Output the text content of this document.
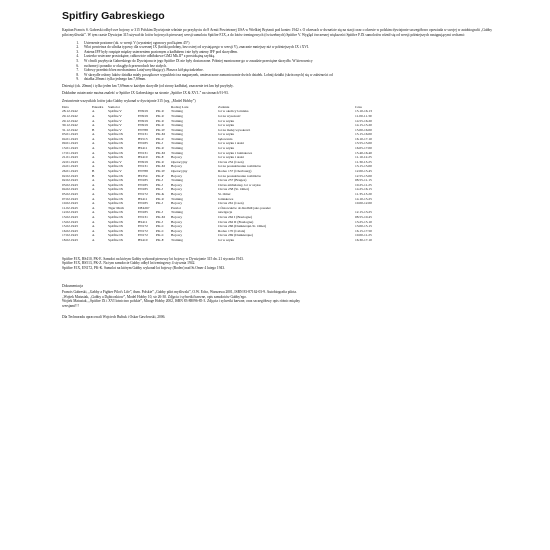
Spitfiry Gabreskiego

Kapitan Francis S. Gabreski odbył swe bojowy w 315 Polskim Dywizjonie właśnie po przybyciu do 8 Armii Powietrznej USA w Wielkiej Brytanii pod koniec 1942 r. O okresach w dwnaście się na stacji oraz o okresie w polskim dywizjonie szczegółowo opowiada w swojej w autobiografii „Gabby pilot myśliwski”. W tym czasie Dywizjon 315 używał do lotów bojowych pierwszej wersji samolotu Spitfire F.IX, a do lotów treningowych (ćwiczebnych) Spitfire V. Wygląd ówczesnej większości Spitfire F.IX samolotów różnił się od wersji późniejszych następującymi cechami:

1. Usterzenie poziome (ok. w wersji V (wyrażniej ogonowy pod kątem 45°)
2. Wlot powietrza do silnika typowy dla wczesnej IX (krótki podobny, bez ostrej od wystającego w wersji V), znacznie mniejszy niż w późniejszych IX i XVI.
3. Antena IFF były rozpięte między usterzeniem poziomym a kadłubem i nie były anteny IFF pod skrzydłem.
4. Lusterko wsteczne prostokątne, całkowicie odbiłakowe GM2 Mk.II* z prostokątną szybką.
5. W chwili przybycia Gabreskiego do Dywizjonu te jego Spitfire IX nie były dostarczone. Później montowane go w zasadzie przeciętne skrzydło. W kierownicy
6. ruchomej i ponadto w okrągłych przewodach bez stałych.
7. Gołowy przednich bez mechanizmu Lotz(weryfikujący). Płaszcz kół pięciodzielne.
8. W skrzydle osłony luków działka miały początkowe wypukłości na magazynek, umieszczone zamontowanie dwóch działek. Lobnij działki (skróconych) się w zależności od
9. działka 20mm i tylko jednego km 7,69mm.

Dziesięć (ok. 20mm) i tylko jeden km 7,69mm w każdym skrzydle (od strony kadłuba), znaczenie też km był przybyły.

Dokładne ostatecznie można znaleźć w Spitfire IX Gabreskiego na stronie „Spitfire IX & XVI..” na stronach 91-93.

Zestawienie wszystkich lotów jako Gabby wykonał w dywizjonie 315 (wg. „Model Hobby”)

Data	Eskadra	Samolot			Rodzaj Lotu	Zadanie	Czas
28.12.1942	A	Spitfire V	EN919	PK-U	Training	lot w okolicy lotniska	15.10-16.13
29.12.1942	A	Spitfire V	EN919	PK-U	Training	lot na wysokość	11.00-11.30
29.12.1942	A	Spitfire V	EN919	PK-U	Training	lot w szyku	14.55-16.20
30.12.1942	A	Spitfire V	EN919	PK-U	Training	lot w szyku	14.15-15.20
31.12.1942	B	Spitfire V	EN788	PK-W	Training	lot na małej wysokości	15.00-16.00
03.01.1943	A	Spitfire IX	EN131	PK-M	Training	lot w szyku	15.15-16.00
04.01.1943	A	Spitfire IX	BS513	PK-Z	Training	lądowania	16.10-17.10
09.01.1943	A	Spitfire IX	EN185	PK-J	Training	lot w szyku i ataki	13.55-15.00
13.01.1943	A	Spitfire IX	BS411	PK-U	Training	lot w szyku	16.05-17.00
17.01.1943	A	Spitfire IX	EN131	PK-M	Training	lot w szyku i lotniskowe	15.40-16.40
21.01.1943	A	Spitfire IX	BS410	PK-E	Bojowy	lot w szyku i ataki	11.10-12.25
22.01.1943	A	Spitfire V	EN919	PK-U	Operacyjny	Circus 252 (Caen)	11.30-13.25
24.01.1943	A	Spitfire IX	EN131	PK-M	Bojowy	lot na poszukiwanie rozbitków	13.15-15.00
26.01.1943	B	Spitfire V	EN788	PK-W	Operacyjny	Rodeo 157 (Cherbourg)	12.00-15.45
02.02.1943	B	Spitfire IX	BS354	PK-P	Bojowy	lot na poszukiwanie rozbitków	12.55-15.00
02.02.1943	A	Spitfire IX	EN185	PK-J	Training	Circus 257 (Bruges)	08.55-11.15
03.02.1943	A	Spitfire IX	EN185	PK-J	Bojowy	Cirrus ambulansy, lot w szyku	10.25-11.25
04.02.1943	A	Spitfire IX	EN185	PK-J	Bojowy	Circus 258 (St. Omer)	14.25-16.15
05.02.1943	A	Spitfire IX	EN172	PK-K	Bojowy	St. Omer	11.35-13.20
07.02.1943	A	Spitfire IX	BS411	PK-U	Training	lotniskowe	14.10-15.25
10.02.1943	A	Spitfire IX	EN185	PK-J	Bojowy	Circus 261 (Caen)	10.00-12.00
11.02.1943	A	Tiger Moth	DE426?		Przelot	z Östowsków do Redhill jako pasażer	
12.02.1943	A	Spitfire IX	EN185	PK-J	Training	nawigacja	12.15-13.25
13.02.1943	A	Spitfire IX	EN131	PK-M	Bojowy	Circus 262 I (Boulogne)	08.55-10.45
13.02.1943	A	Spitfire IX	BS411	PK-J	Bojowy	Circus 262 II (Boulogne)	13.25-15.10
15.02.1943	A	Spitfire IX	EN172	PK-C	Bojowy	Circus 266 (Dunkierqui-St. Omer)	13.00-15.15
16.02.1943	A	Spitfire IX	EN172	PK-C	Bojowy	Rodeo 170 (Calais)	16.15-17.50
17.02.1943	A	Spitfire IX	EN172	PK-C	Bojowy	Circus 269 (Dunkierque)	10.00-11.25
18.02.1943	A	Spitfire IX	BS410	PK-E	Training	lot w szyku	16.30-17.10

Spitfire F.IX, BS410, PK-E. Samolot na którym Gabby wykonał pierwszy lot bojowy w Dywizjonie 315 dn. 21 stycznia 1943.

Spitfire F.IX, BS513, PK-Z. Na tym samolocie Gabby odbył lot treningowy 4 stycznia 1942.

Spitfire F.IX, EN172, PK-K. Samolot na którym Gabby wykonał lot bojowy (Rodeo) nad St.Omer 4 lutego 1943.

Dokumentacja

Francis Gabreski, „Gabby a Fighter Pilot's Life”, tłum. Polskie” „Gabby pilot myśliwski”, O.W. Echo, Warszawa 2001, ISBN 83-87162-03-9. Autobiografia pilota.

„Wojtek Matusiak, „Gabby a Dębicoskiow”, Model Hobby 10, str 26-30. Zdjęcia i sylwetki barwne, opis samolotów Gabby'ego.

Wojtek Matusiak, „Spitfire IX i XVI lotnictwo polskie”, Mirage Hobby 2002, ISBN 83-88096-85-3. Zdjęcia i sylwetki barwne, oraz szczegółowy opis różnic między

wersjami!!!

Dla Technoradu opracowali Wojciech Bułtuk i Oskar Gawłowski, 2006.
